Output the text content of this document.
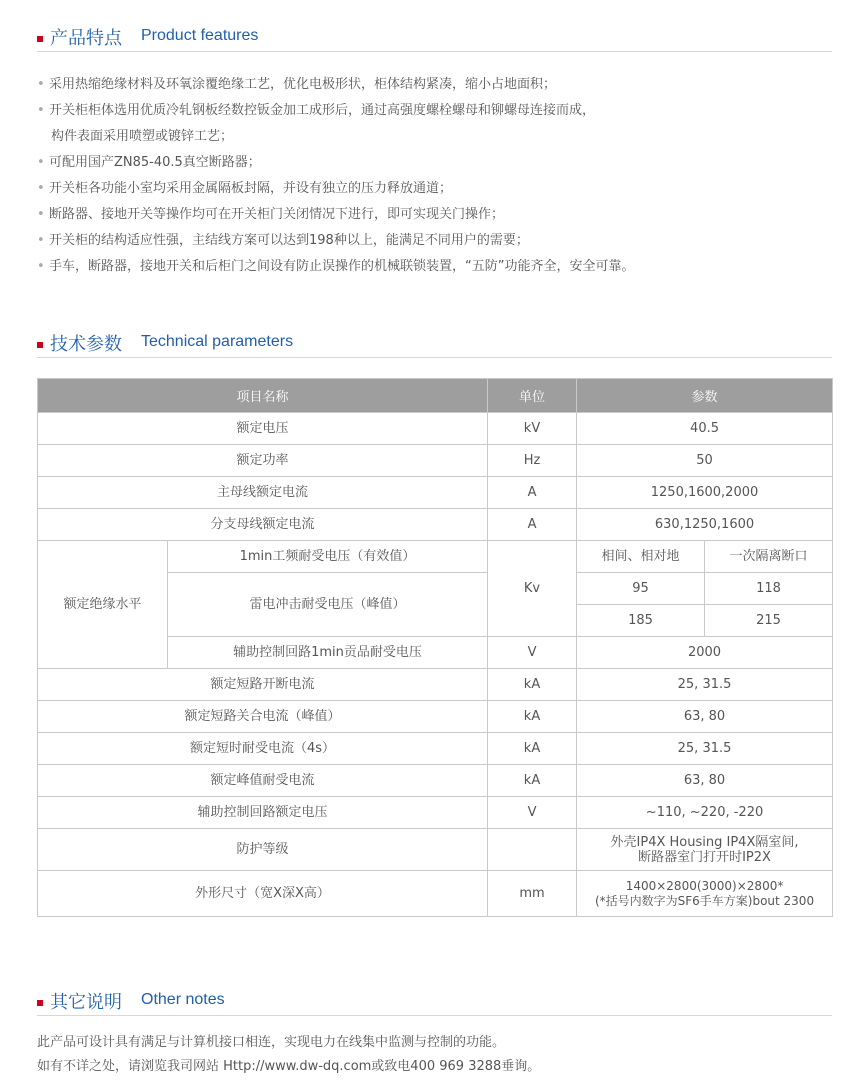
产品特点 Product features
• 采用热缩绝缘材料及环氧涂覆绝缘工艺，优化电极形状，柜体结构紧凑，缩小占地面积；
• 开关柜柜体选用优质冷轧钢板经数控钣金加工成形后，通过高强度螺栓螺母和铆螺母连接而成，
构件表面采用喷塑或镀锌工艺；
• 可配用国产ZN85-40.5真空断路器；
• 开关柜各功能小室均采用金属隔板封隔，并设有独立的压力释放通道；
• 断路器、接地开关等操作均可在开关柜门关闭情况下进行，即可实现关门操作；
• 开关柜的结构适应性强，主结线方案可以达到198种以上，能满足不同用户的需要；
• 手车，断路器，接地开关和后柜门之间设有防止误操作的机械联锁装置，“五防”功能齐全，安全可靠。
技术参数 Technical parameters
项目名称		单位	参数	
额定电压		kV	40.5	
额定功率		Hz	50	
主母线额定电流		A	1250,1600,2000	
分支母线额定电流		A	630,1250,1600	
额定绝缘水平	1min工频耐受电压（有效值）	Kv	相间、相对地	一次隔离断口
	雷电冲击耐受电压（峰值）		95	118
			185	215
	辅助控制回路1min贡品耐受电压	V	2000	
额定短路开断电流		kA	25, 31.5	
额定短路关合电流（峰值）		kA	63, 80	
额定短时耐受电流（4s）		kA	25, 31.5	
额定峰值耐受电流		kA	63, 80	
辅助控制回路额定电压		V	~110, ~220, -220	
防护等级			外壳IP4X Housing IP4X隔室间,
断路器室门打开时IP2X	

外形尺寸（宽X深X高）		mm	1400×2800(3000)×2800*
(*括号内数字为SF6手车方案)bout 2300	
其它说明 Other notes

此产品可设计具有满足与计算机接口相连，实现电力在线集中监测与控制的功能。

如有不详之处，请浏览我司网站 Http://www.dw-dq.com或致电400 969 3288垂询。
